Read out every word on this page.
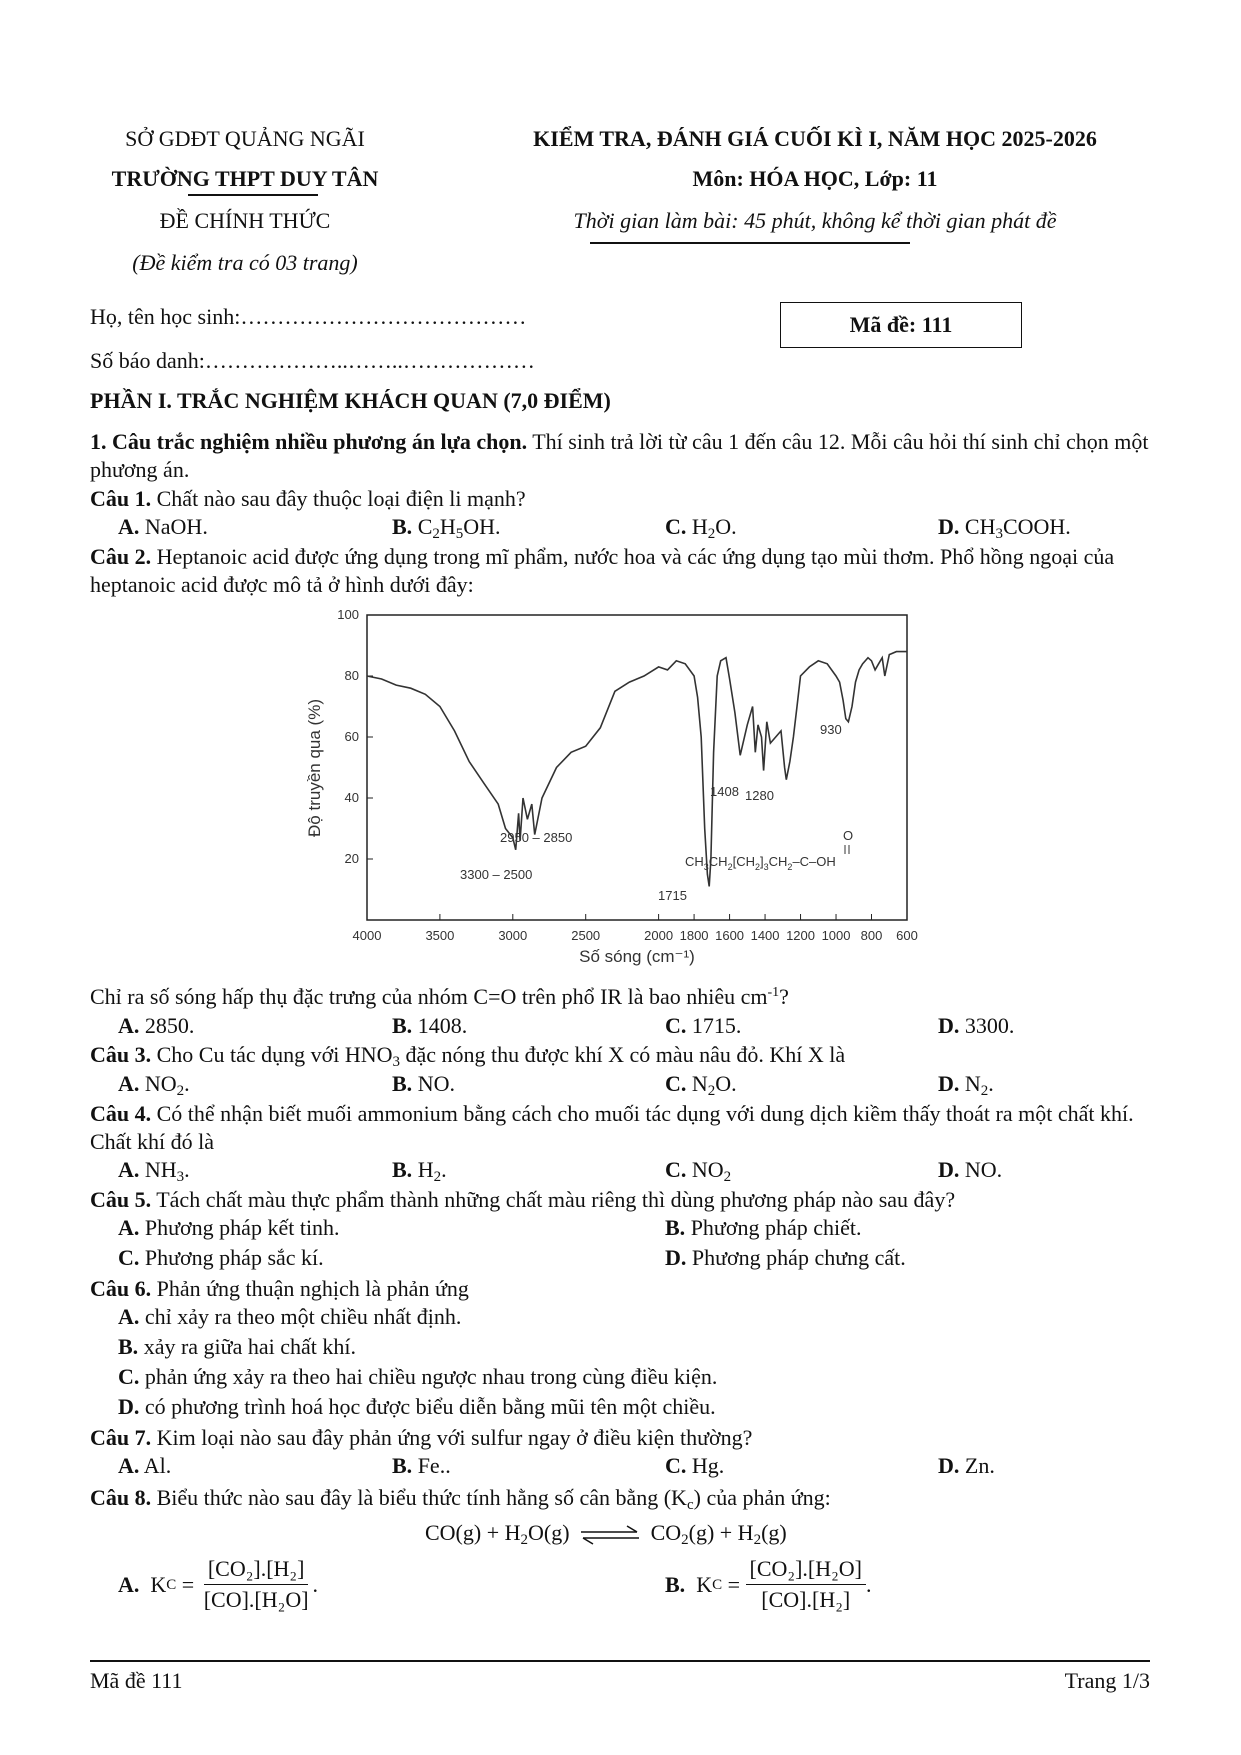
SỞ GDĐT QUẢNG NGÃI
TRƯỜNG THPT DUY TÂN
ĐỀ CHÍNH THỨC
(Đề kiểm tra có 03 trang)
KIỂM TRA, ĐÁNH GIÁ CUỐI KÌ I, NĂM HỌC 2025-2026
Môn: HÓA HỌC, Lớp: 11
Thời gian làm bài: 45 phút, không kể thời gian phát đề
Họ, tên học sinh:…………………………………
Số báo danh:………………..……..………………
Mã đề: 111
PHẦN I. TRẮC NGHIỆM KHÁCH QUAN (7,0 ĐIỂM)
1. Câu trắc nghiệm nhiều phương án lựa chọn. Thí sinh trả lời từ câu 1 đến câu 12. Mỗi câu hỏi thí sinh chỉ chọn một phương án.
Câu 1. Chất nào sau đây thuộc loại điện li mạnh?
A. NaOH.	B. $C_2H_5OH$.	C. $H_2O$.	D. $CH_3COOH$.
Câu 2. Heptanoic acid được ứng dụng trong mĩ phẩm, nước hoa và các ứng dụng tạo mùi thơm. Phổ hồng ngoại của heptanoic acid được mô tả ở hình dưới đây:
4000	3500	3000	2500	2000 1800 1600 1400 1200 1000 800 600
20
40
60
80
100
Độ truyền qua (%)
Số sóng (cm⁻¹)
3300 – 2500
2950 – 2850
1715
1408 1280
930
$CH_3CH_2[CH_2]_3CH_2-C-OH$
O
Chỉ ra số sóng hấp thụ đặc trưng của nhóm C=O trên phổ IR là bao nhiêu $cm^{-1}$?
A. 2850.	B. 1408.	C. 1715.	D. 3300.
Câu 3. Cho Cu tác dụng với $HNO_3$ đặc nóng thu được khí X có màu nâu đỏ. Khí X là
A. $NO_2$.	B. NO.	C. $N_2O$.	D. $N_2$.
Câu 4. Có thể nhận biết muối ammonium bằng cách cho muối tác dụng với dung dịch kiềm thấy thoát ra một chất khí. Chất khí đó là
A. $NH_3$.	B. $H_2$.	C. $NO_2$	D. NO.
Câu 5. Tách chất màu thực phẩm thành những chất màu riêng thì dùng phương pháp nào sau đây?
A. Phương pháp kết tinh.	B. Phương pháp chiết.
C. Phương pháp sắc kí.	D. Phương pháp chưng cất.
Câu 6. Phản ứng thuận nghịch là phản ứng
A. chỉ xảy ra theo một chiều nhất định.
B. xảy ra giữa hai chất khí.
C. phản ứng xảy ra theo hai chiều ngược nhau trong cùng điều kiện.
D. có phương trình hoá học được biểu diễn bằng mũi tên một chiều.
Câu 7. Kim loại nào sau đây phản ứng với sulfur ngay ở điều kiện thường?
A. Al.	B. Fe..	C. Hg.	D. Zn.
Câu 8. Biểu thức nào sau đây là biểu thức tính hằng số cân bằng $(K_c)$ của phản ứng:
$CO(g) + H_2O(g)$ ⇌ $CO_2(g) + H_2(g)$
A.
K $C = \frac{\text{[CO₂].[H₂]}}{\text{[CO].[H₂O]}}$ .	B.
K $C = \frac{\text{[CO₂].[H₂O]}}{\text{[CO].[H₂]}}$ .
Mã đề 111	Trang 1/3
